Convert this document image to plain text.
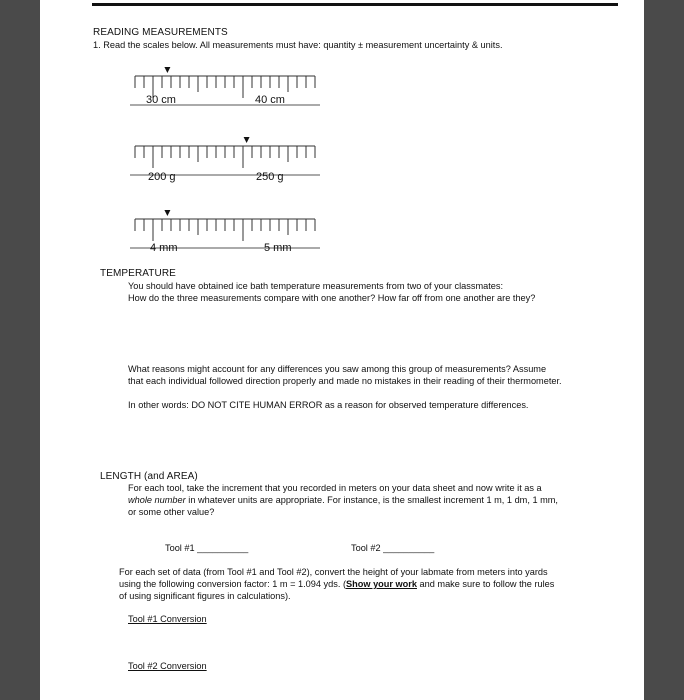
READING MEASUREMENTS
1. Read the scales below. All measurements must have: quantity ± measurement uncertainty & units.
30 cm	40 cm
200 g	250 g
4 mm	5 mm
TEMPERATURE
You should have obtained ice bath temperature measurements from two of your classmates:
How do the three measurements compare with one another? How far off from one another are they?
What reasons might account for any differences you saw among this group of measurements? Assume
that each individual followed direction properly and made no mistakes in their reading of their thermometer.
In other words: DO NOT CITE HUMAN ERROR as a reason for observed temperature differences.
LENGTH (and AREA)
For each tool, take the increment that you recorded in meters on your data sheet and now write it as a
whole number in whatever units are appropriate. For instance, is the smallest increment 1 m, 1 dm, 1 mm,
or some other value?
Tool #1 __________	Tool #2 __________
For each set of data (from Tool #1 and Tool #2), convert the height of your labmate from meters into yards
using the following conversion factor: 1 m = 1.094 yds. (Show your work and make sure to follow the rules
of using significant figures in calculations).
Tool #1 Conversion
Tool #2 Conversion
